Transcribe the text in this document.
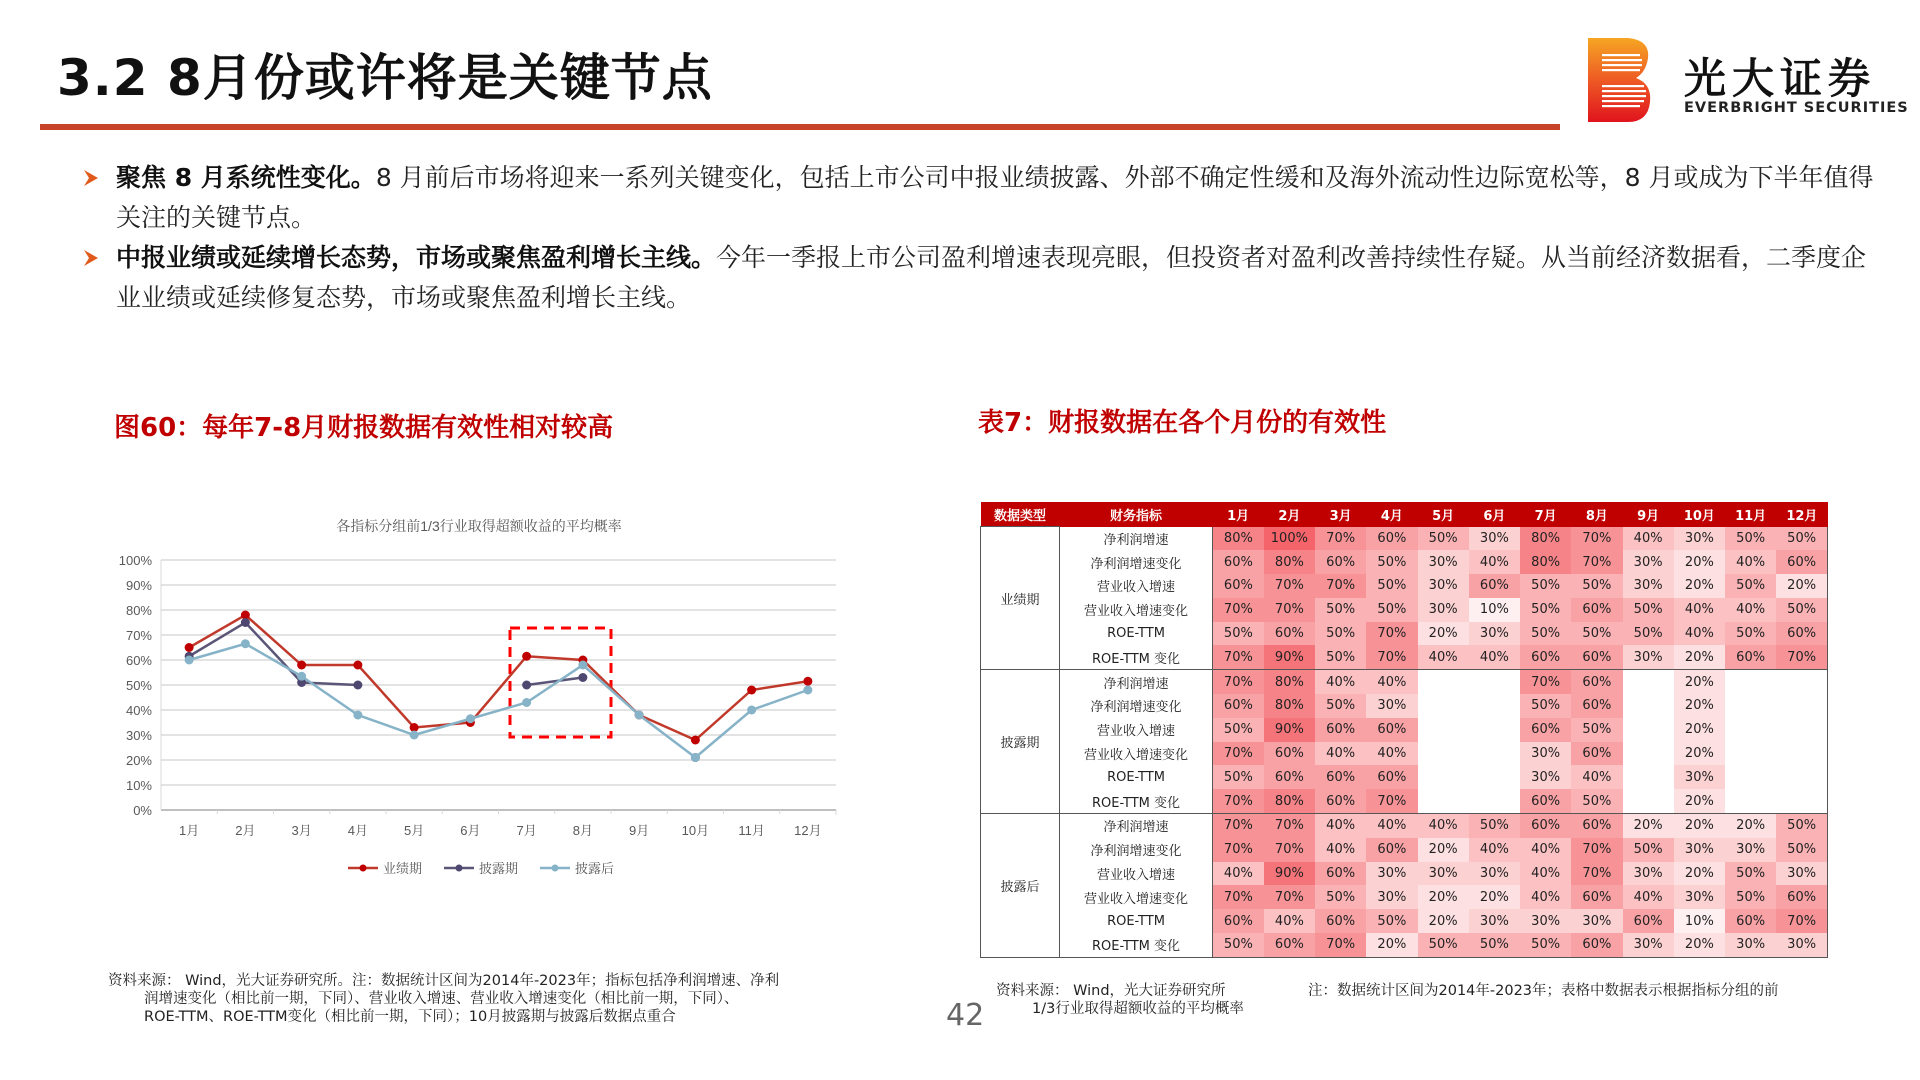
3.2 8月份或许将是关键节点	光大证券
EVERBRIGHT SECURITIES
聚焦 8 月系统性变化。8 月前后市场将迎来一系列关键变化，包括上市公司中报业绩披露、外部不确定性缓和及海外流动性边际宽松等，8 月或成为下半年值得关注的关键节点。
中报业绩或延续增长态势，市场或聚焦盈利增长主线。今年一季报上市公司盈利增速表现亮眼，但投资者对盈利改善持续性存疑。从当前经济数据看，二季度企业业绩或延续修复态势，市场或聚焦盈利增长主线。
图60：每年7-8月财报数据有效性相对较高
各指标分组前1/3行业取得超额收益的平均概率
0%
10%
20%
30%
40%
50%
60%
70%
80%
90%
100%
1月	2月	3月	4月	5月	6月	7月	8月	9月 10月 11月 12月
业绩期	披露期	披露后
资料来源： Wind，光大证券研究所。注：数据统计区间为2014年-2023年；指标包括净利润增速、净利

润增速变化（相比前一期，下同）、营业收入增速、营业收入增速变化（相比前一期，下同）、
ROE-TTM、ROE-TTM变化（相比前一期，下同）；10月披露期与披露后数据点重合
表7：财报数据在各个月份的有效性
数据类型	财务指标	1月	2月	3月	4月	5月	6月	7月	8月	9月	10月	11月	12月
业绩期	净利润增速	80%	100%	70%	60%	50%	30%	80%	70%	40%	30%	50%	50%
	净利润增速变化	60%	80%	60%	50%	30%	40%	80%	70%	30%	20%	40%	60%
	营业收入增速	60%	70%	70%	50%	30%	60%	50%	50%	30%	20%	50%	20%
	营业收入增速变化	70%	70%	50%	50%	30%	10%	50%	60%	50%	40%	40%	50%
	ROE-TTM	50%	60%	50%	70%	20%	30%	50%	50%	50%	40%	50%	60%
	ROE-TTM 变化	70%	90%	50%	70%	40%	40%	60%	60%	30%	20%	60%	70%
披露期	净利润增速	70%	80%	40%	40%			70%	60%		20%		
	净利润增速变化	60%	80%	50%	30%			50%	60%		20%		
	营业收入增速	50%	90%	60%	60%			60%	50%		20%		
	营业收入增速变化	70%	60%	40%	40%			30%	60%		20%		
	ROE-TTM	50%	60%	60%	60%			30%	40%		30%		
	ROE-TTM 变化	70%	80%	60%	70%			60%	50%		20%		
披露后	净利润增速	70%	70%	40%	40%	40%	50%	60%	60%	20%	20%	20%	50%
	净利润增速变化	70%	70%	40%	60%	20%	40%	40%	70%	50%	30%	30%	50%
	营业收入增速	40%	90%	60%	30%	30%	30%	40%	70%	30%	20%	50%	30%
	营业收入增速变化	70%	70%	50%	30%	20%	20%	40%	60%	40%	30%	50%	60%
	ROE-TTM	60%	40%	60%	50%	20%	30%	30%	30%	60%	10%	60%	70%
	ROE-TTM 变化	50%	60%	70%	20%	50%	50%	50%	60%	30%	20%	30%	30%
资料来源： Wind，光大证券研究所	注：数据统计区间为2014年-2023年；表格中数据表示根据指标分组的前
1/3行业取得超额收益的平均概率
42
